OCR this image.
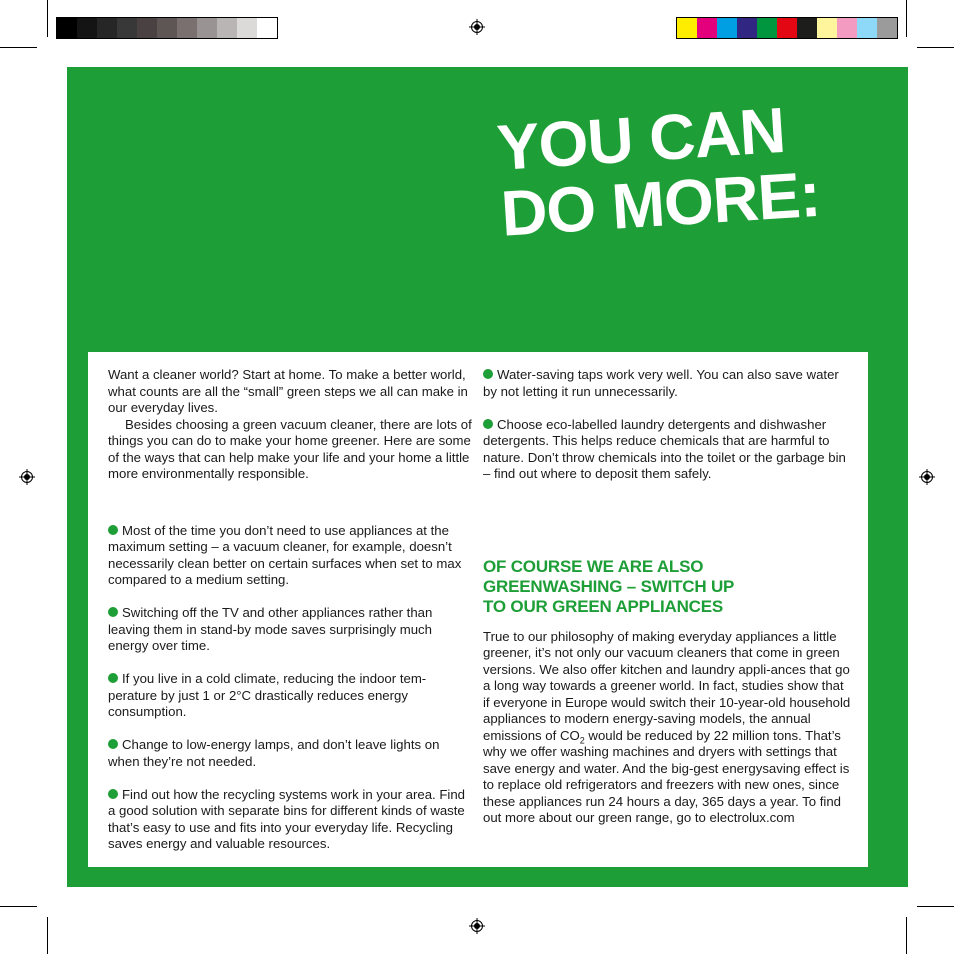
YOU CAN
DO MORE:

Want a cleaner world? Start at home. To make a better world, what counts are all the “small” green steps we all can make in our everyday lives.

Besides choosing a green vacuum cleaner, there are lots of things you can do to make your home greener. Here are some of the ways that can help make your life and your home a little more environmentally responsible.

Most of the time you don’t need to use appliances at the maximum setting – a vacuum cleaner, for example, doesn’t necessarily clean better on certain surfaces when set to max compared to a medium setting.

Switching off the TV and other appliances rather than leaving them in stand-by mode saves surprisingly much energy over time.

If you live in a cold climate, reducing the indoor tem-perature by just 1 or 2°C drastically reduces energy consumption.

Change to low-energy lamps, and don’t leave lights on when they’re not needed.

Find out how the recycling systems work in your area. Find a good solution with separate bins for different kinds of waste that’s easy to use and fits into your everyday life. Recycling saves energy and valuable resources.

Water-saving taps work very well. You can also save water by not letting it run unnecessarily.

Choose eco-labelled laundry detergents and dishwasher detergents. This helps reduce chemicals that are harmful to nature. Don’t throw chemicals into the toilet or the garbage bin – find out where to deposit them safely.

OF COURSE WE ARE ALSO

GREENWASHING – SWITCH UP

TO OUR GREEN APPLIANCES

True to our philosophy of making everyday appliances a little greener, it’s not only our vacuum cleaners that come in green versions. We also offer kitchen and laundry appli-ances that go a long way towards a greener world. In fact, studies show that if everyone in Europe would switch their 10-year-old household appliances to modern energy-saving models, the annual emissions of $CO_2$ would be reduced by 22 million tons. That’s why we offer washing machines and dryers with settings that save energy and water. And the big-gest energysaving effect is to replace old refrigerators and freezers with new ones, since these appliances run 24 hours a day, 365 days a year. To find out more about our green range, go to electrolux.com
